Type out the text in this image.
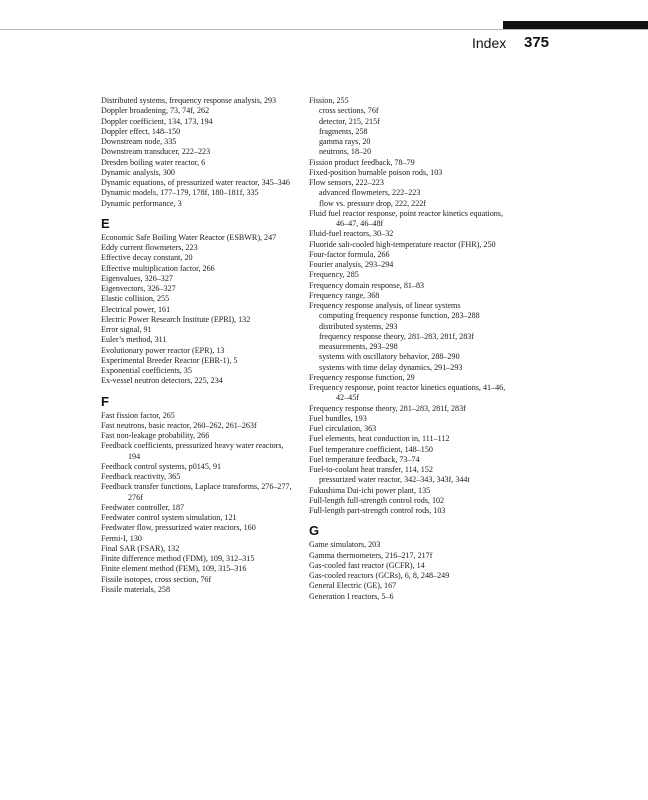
Index 375

Distributed systems, frequency response analysis, 293

Doppler broadening, 73, 74f, 262

Doppler coefficient, 134, 173, 194

Doppler effect, 148–150

Downstream node, 335

Downstream transducer, 222–223

Dresden boiling water reactor, 6

Dynamic analysis, 300

Dynamic equations, of pressurized water reactor, 345–346

Dynamic models, 177–179, 178f, 180–181f, 335

Dynamic performance, 3

E

Economic Safe Boiling Water Reactor (ESBWR), 247

Eddy current flowmeters, 223

Effective decay constant, 20

Effective multiplication factor, 266

Eigenvalues, 326–327

Eigenvectors, 326–327

Elastic collision, 255

Electrical power, 161

Electric Power Research Institute (EPRI), 132

Error signal, 91

Euler’s method, 311

Evolutionary power reactor (EPR), 13

Experimental Breeder Reactor (EBR-1), 5

Exponential coefficients, 35

Ex-vessel neutron detectors, 225, 234

F

Fast fission factor, 265

Fast neutrons, basic reactor, 260–262, 261–263f

Fast non-leakage probability, 266

Feedback coefficients, pressurized heavy water reactors, 194

Feedback control systems, p0145, 91

Feedback reactivity, 365

Feedback transfer functions, Laplace transforms, 276–277, 276f

Feedwater controller, 187

Feedwater control system simulation, 121

Feedwater flow, pressurized water reactors, 160

Fermi-I, 130

Final SAR (FSAR), 132

Finite difference method (FDM), 109, 312–315

Finite element method (FEM), 109, 315–316

Fissile isotopes, cross section, 76f

Fissile materials, 258

Fission, 255

cross sections, 76f

detector, 215, 215f

fragments, 258

gamma rays, 20

neutrons, 18–20

Fission product feedback, 78–79

Fixed-position burnable poison rods, 103

Flow sensors, 222–223

advanced flowmeters, 222–223

flow vs. pressure drop, 222, 222f

Fluid fuel reactor response, point reactor kinetics equations, 46–47, 46–48f

Fluid-fuel reactors, 30–32

Fluoride salt-cooled high-temperature reactor (FHR), 250

Four-factor formula, 266

Fourier analysis, 293–294

Frequency, 285

Frequency domain response, 81–83

Frequency range, 368

Frequency response analysis, of linear systems

computing frequency response function, 283–288

distributed systems, 293

frequency response theory, 281–283, 281f, 283f

measurements, 293–298

systems with oscillatory behavior, 288–290

systems with time delay dynamics, 291–293

Frequency response function, 29

Frequency response, point reactor kinetics equations, 41–46, 42–45f

Frequency response theory, 281–283, 281f, 283f

Fuel bundles, 193

Fuel circulation, 363

Fuel elements, heat conduction in, 111–112

Fuel temperature coefficient, 148–150

Fuel temperature feedback, 73–74

Fuel-to-coolant heat transfer, 114, 152

pressurized water reactor, 342–343, 343f, 344t

Fukushima Dai-ichi power plant, 135

Full-length full-strength control rods, 102

Full-length part-strength control rods, 103

G

Game simulators, 203

Gamma thermometers, 216–217, 217f

Gas-cooled fast reactor (GCFR), 14

Gas-cooled reactors (GCRs), 6, 8, 248–249

General Electric (GE), 167

Generation I reactors, 5–6
